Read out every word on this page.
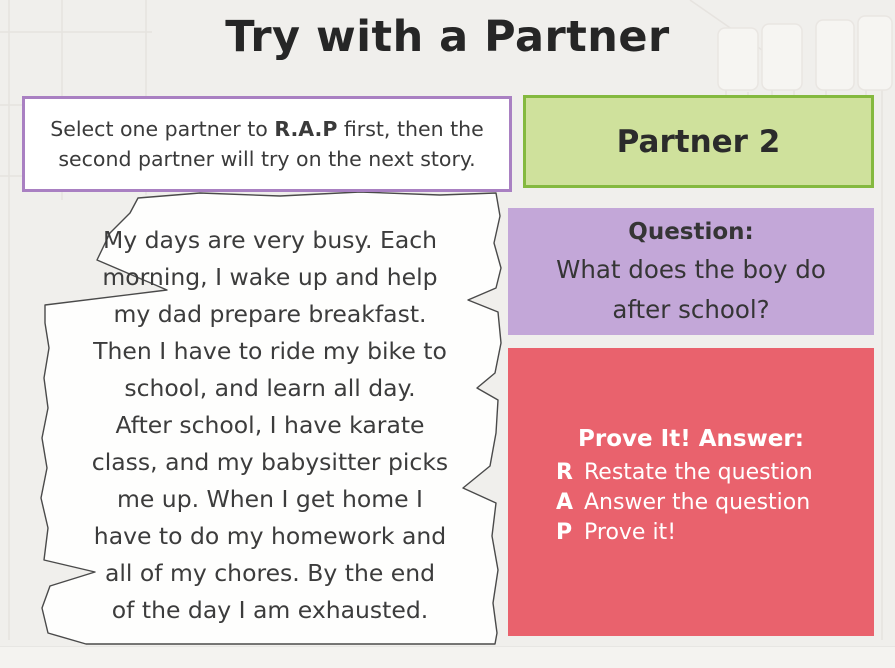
Try with a Partner
Select one partner to R.A.P first, then the
second partner will try on the next story.
My days are very busy. Each
morning, I wake up and help
my dad prepare breakfast.
Then I have to ride my bike to
school, and learn all day.
After school, I have karate
class, and my babysitter picks
me up. When I get home I
have to do my homework and
all of my chores. By the end
of the day I am exhausted.
Partner 2
Question:
What does the boy do
after school?
Prove It! Answer:
R Restate the question
A Answer the question
P Prove it!
